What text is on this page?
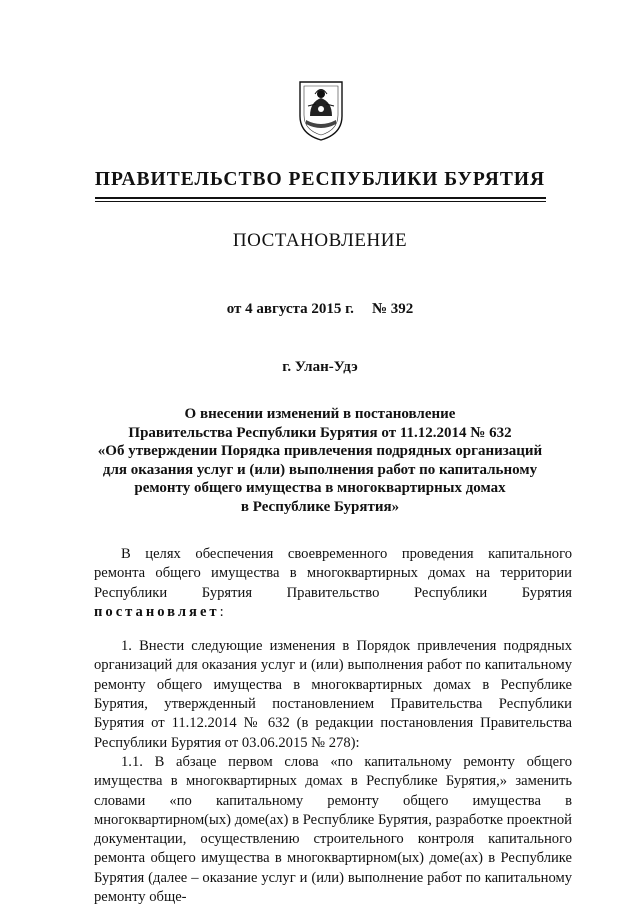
ПРАВИТЕЛЬСТВО РЕСПУБЛИКИ БУРЯТИЯ
ПОСТАНОВЛЕНИЕ
от 4 августа 2015 г. № 392
г. Улан-Удэ
О внесении изменений в постановление
Правительства Республики Бурятия от 11.12.2014 № 632
«Об утверждении Порядка привлечения подрядных организаций
для оказания услуг и (или) выполнения работ по капитальному
ремонту общего имущества в многоквартирных домах
в Республике Бурятия»

В целях обеспечения своевременного проведения капитального ремонта общего имущества в многоквартирных домах на территории Республики Бурятия Правительство Республики Бурятия постановляет:

1. Внести следующие изменения в Порядок привлечения подрядных организаций для оказания услуг и (или) выполнения работ по капитальному ремонту общего имущества в многоквартирных домах в Республике Бурятия, утвержденный постановлением Правительства Республики Бурятия от 11.12.2014 № 632 (в редакции постановления Правительства Республики Бурятия от 03.06.2015 № 278):

1.1. В абзаце первом слова «по капитальному ремонту общего имущества в многоквартирных домах в Республике Бурятия,» заменить словами «по капитальному ремонту общего имущества в многоквартирном(ых) доме(ах) в Республике Бурятия, разработке проектной документации, осуществлению строительного контроля капитального ремонта общего имущества в многоквартирном(ых) доме(ах) в Республике Бурятия (далее – оказание услуг и (или) выполнение работ по капитальному ремонту обще-
